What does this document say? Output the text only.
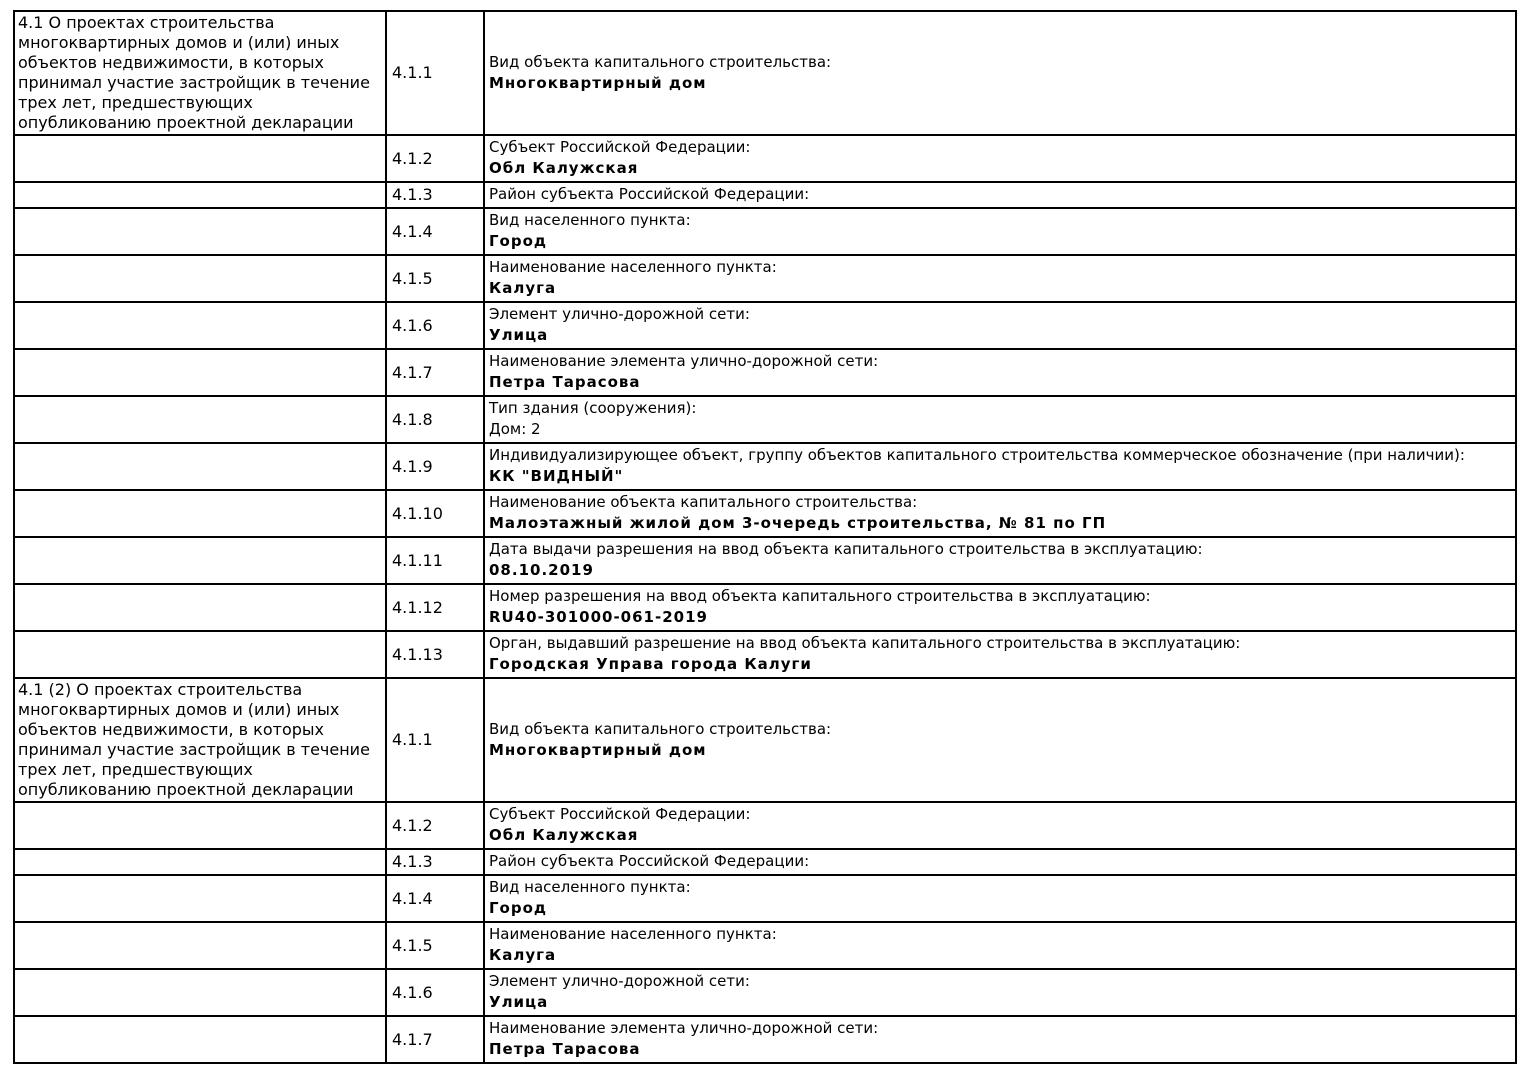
4.1 О проектах строительства многоквартирных домов и (или) иных объектов недвижимости, в которых принимал участие застройщик в течение трех лет, предшествующих опубликованию проектной декларации	4.1.1	Вид объекта капитального строительства:
Многоквартирный дом

	4.1.2	Субъект Российской Федерации:
Обл Калужская

	4.1.3	Район субъекта Российской Федерации:

	4.1.4	Вид населенного пункта:
Город

	4.1.5	Наименование населенного пункта:
Калуга

	4.1.6	Элемент улично-дорожной сети:
Улица

	4.1.7	Наименование элемента улично-дорожной сети:
Петра Тарасова

	4.1.8	Тип здания (сооружения):
Дом: 2

	4.1.9	Индивидуализирующее объект, группу объектов капитального строительства коммерческое обозначение (при наличии):
КК "ВИДНЫЙ"

	4.1.10	Наименование объекта капитального строительства:
Малоэтажный жилой дом 3-очередь строительства, № 81 по ГП

	4.1.11	Дата выдачи разрешения на ввод объекта капитального строительства в эксплуатацию:
08.10.2019

	4.1.12	Номер разрешения на ввод объекта капитального строительства в эксплуатацию:
RU40-301000-061-2019

	4.1.13	Орган, выдавший разрешение на ввод объекта капитального строительства в эксплуатацию:
Городская Управа города Калуги

4.1 (2) О проектах строительства многоквартирных домов и (или) иных объектов недвижимости, в которых принимал участие застройщик в течение трех лет, предшествующих опубликованию проектной декларации	4.1.1	Вид объекта капитального строительства:
Многоквартирный дом

	4.1.2	Субъект Российской Федерации:
Обл Калужская

	4.1.3	Район субъекта Российской Федерации:

	4.1.4	Вид населенного пункта:
Город

	4.1.5	Наименование населенного пункта:
Калуга

	4.1.6	Элемент улично-дорожной сети:
Улица

	4.1.7	Наименование элемента улично-дорожной сети:
Петра Тарасова
